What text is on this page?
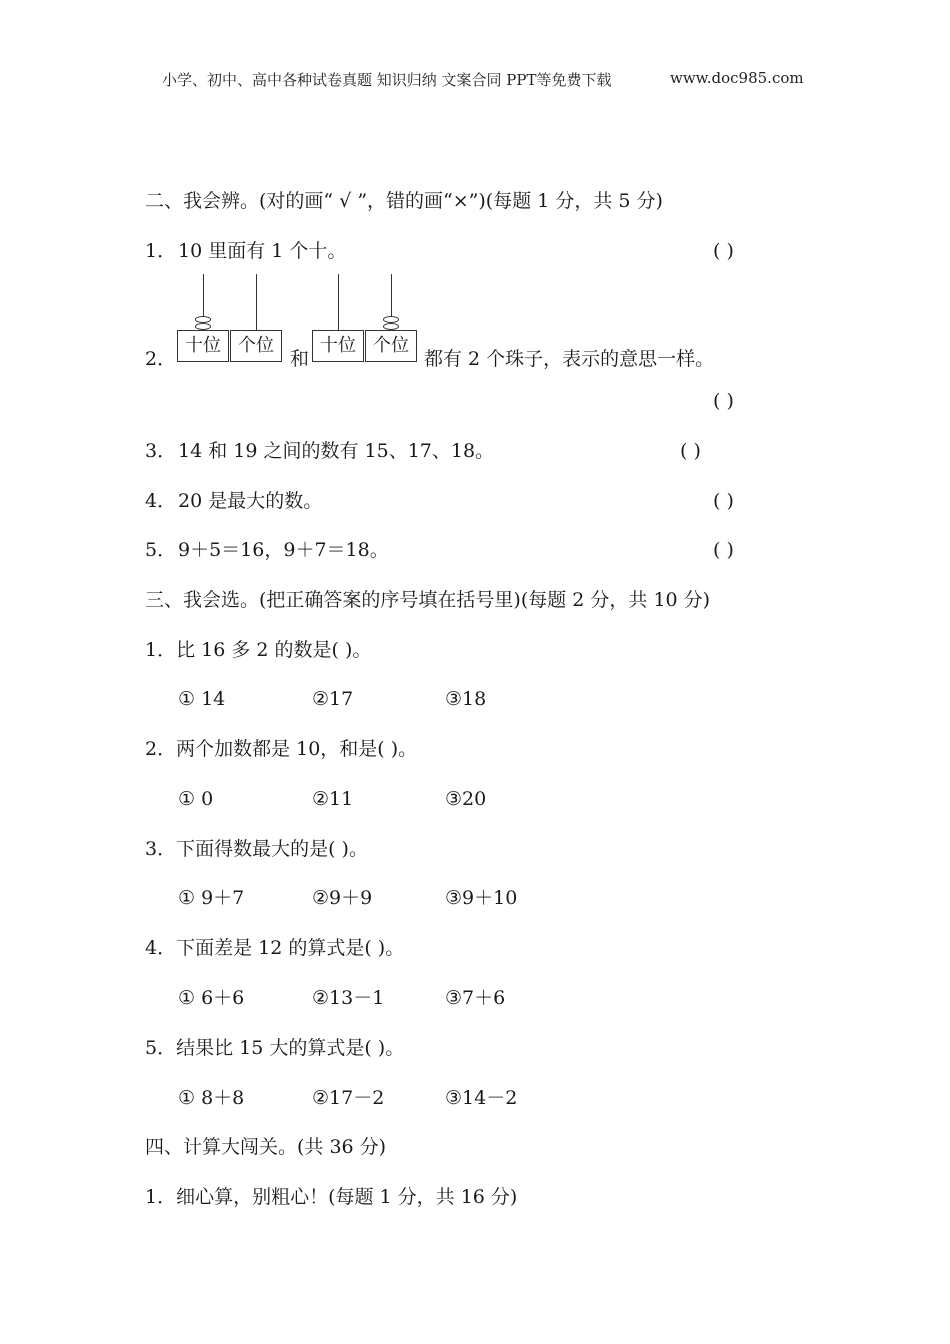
小学、初中、高中各种试卷真题 知识归纳 文案合同 PPT等免费下载	www.doc985.com
二、我会辨。(对的画“ √ ”，错的画“×”)(每题 1 分，共 5 分)
1． 10 里面有 1 个十。	( )
2．
十位 个位
和
十位 个位
都有 2 个珠子，表示的意思一样。
( )
3． 14 和 19 之间的数有 15、17、18。	( )
4． 20 是最大的数。	( )
5． 9＋5＝16，9＋7＝18。	( )
三、我会选。(把正确答案的序号填在括号里)(每题 2 分，共 10 分)
1．比 16 多 2 的数是( )。
① 14	②17	③18
2．两个加数都是 10，和是( )。
① 0	②11	③20
3．下面得数最大的是( )。
① 9＋7	②9＋9	③9＋10
4．下面差是 12 的算式是( )。
① 6＋6	②13－1	③7＋6
5．结果比 15 大的算式是( )。
① 8＋8	②17－2	③14－2
四、计算大闯关。(共 36 分)
1．细心算，别粗心！(每题 1 分，共 16 分)
